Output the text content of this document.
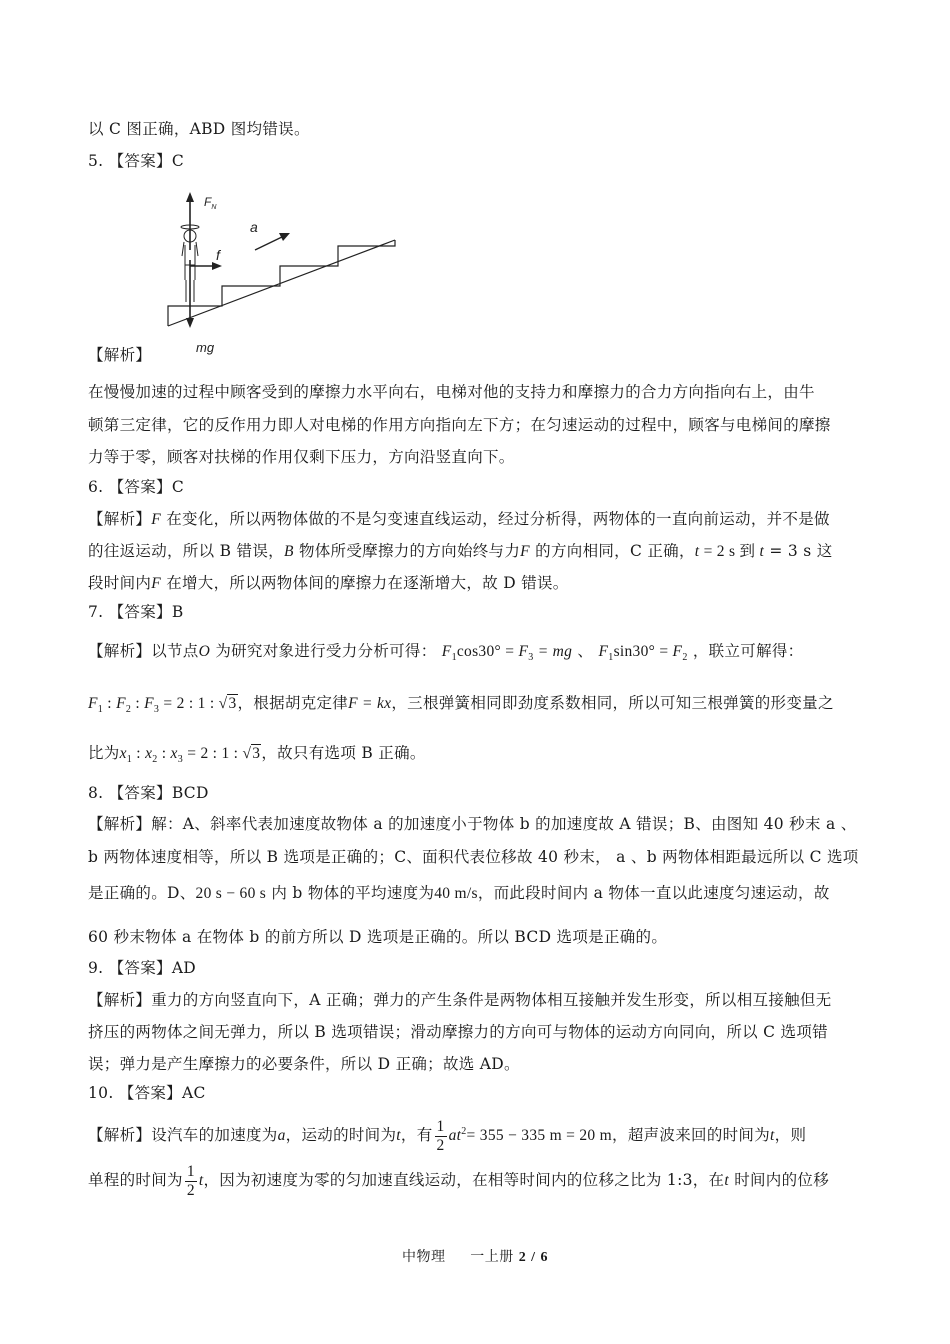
以 C 图正确，ABD 图均错误。
5. 【答案】C
$F_N$
a
f
mg
【解析】
在慢慢加速的过程中顾客受到的摩擦力水平向右，电梯对他的支持力和摩擦力的合力方向指向右上，由牛
顿第三定律，它的反作用力即人对电梯的作用方向指向左下方；在匀速运动的过程中，顾客与电梯间的摩擦
力等于零，顾客对扶梯的作用仅剩下压力，方向沿竖直向下。
6. 【答案】C
【解析】F 在变化，所以两物体做的不是匀变速直线运动，经过分析得，两物体的一直向前运动，并不是做
的往返运动，所以 B 错误，B 物体所受摩擦力的方向始终与力F 的方向相同，C 正确，t = 2 s 到 t = 3 s 这
段时间内F 在增大，所以两物体间的摩擦力在逐渐增大，故 D 错误。
7. 【答案】B
【解析】以节点O 为研究对象进行受力分析可得： $F_1\cos 30^\circ = F_3$ = mg 、 $F_1\sin 30^\circ = F_2$ ，联立可解得：
$F_1$ : $F_2$ : $F_3 = 2$ : 1 : √3，根据胡克定律F = kx，三根弹簧相同即劲度系数相同，所以可知三根弹簧的形变量之
比为$x_1$ : $x_2$ : $x_3 = 2$ : 1 : √3，故只有选项 B 正确。
8. 【答案】BCD
【解析】解：A、斜率代表加速度故物体 a 的加速度小于物体 b 的加速度故 A 错误；B、由图知 40 秒末 a 、
b 两物体速度相等，所以 B 选项是正确的；C、面积代表位移故 40 秒末， a 、b 两物体相距最远所以 C 选项
是正确的。D、20 s − 60 s 内 b 物体的平均速度为40 m/s，而此段时间内 a 物体一直以此速度匀速运动，故
60 秒末物体 a 在物体 b 的前方所以 D 选项是正确的。所以 BCD 选项是正确的。
9. 【答案】AD
【解析】重力的方向竖直向下，A 正确；弹力的产生条件是两物体相互接触并发生形变，所以相互接触但无
挤压的两物体之间无弹力，所以 B 选项错误；滑动摩擦力的方向可与物体的运动方向同向，所以 C 选项错
误；弹力是产生摩擦力的必要条件，所以 D 正确；故选 AD。
10. 【答案】AC
【解析】设汽车的加速度为a，运动的时间为t，有 $\frac{1}{2} at^2= 355 - 335$ m = 20 m，超声波来回的时间为t，则
单程的时间为 $\frac{1}{2}$ t，因为初速度为零的匀加速直线运动，在相等时间内的位移之比为 1:3，在t 时间内的位移
中物理 一上册 2 / 6
